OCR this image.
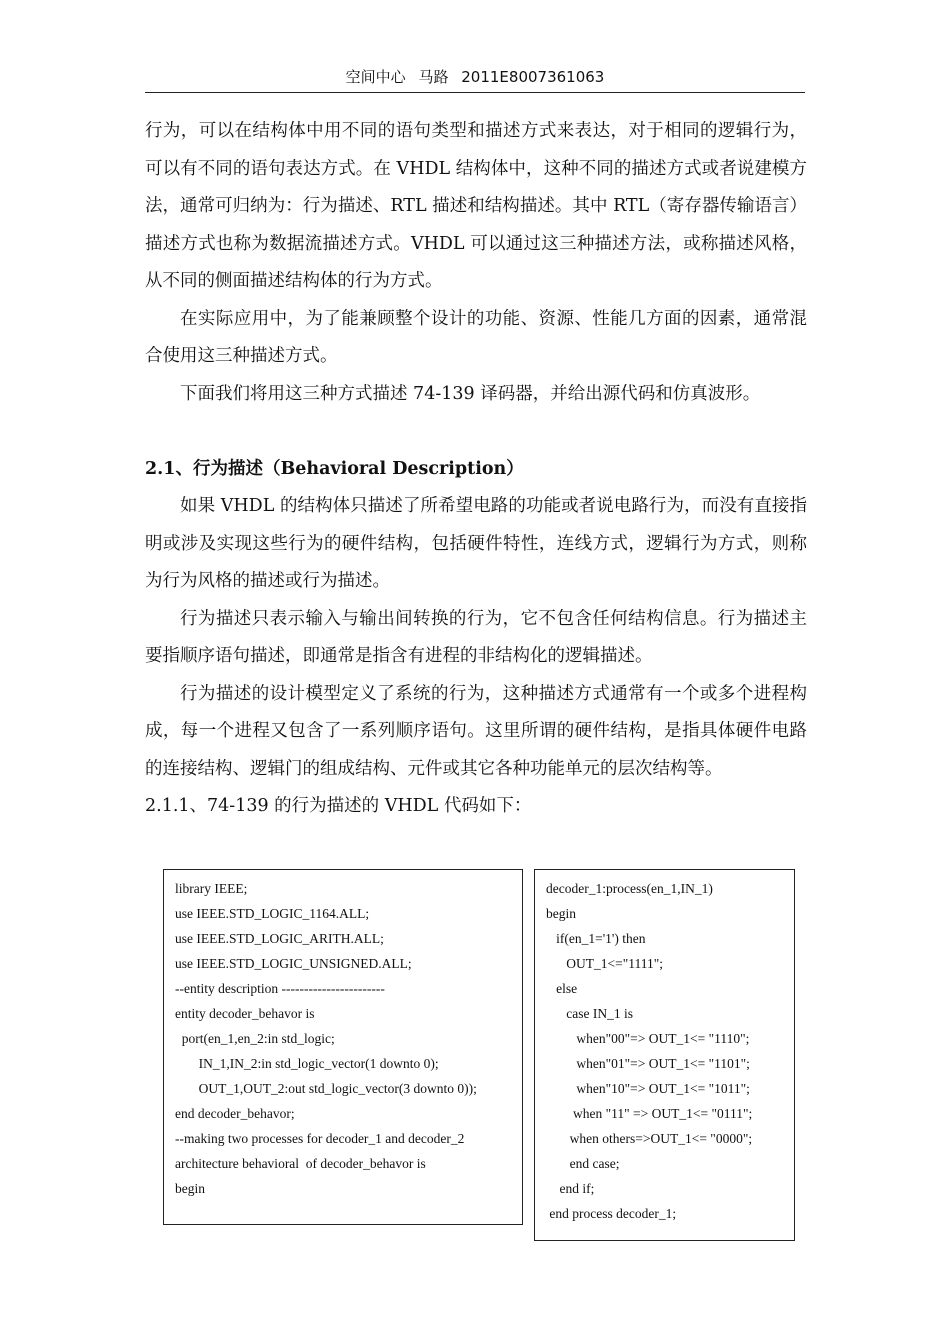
空间中心 马路 2011E8007361063

行为，可以在结构体中用不同的语句类型和描述方式来表达，对于相同的逻辑行为，可以有不同的语句表达方式。在 VHDL 结构体中，这种不同的描述方式或者说建模方法，通常可归纳为：行为描述、RTL 描述和结构描述。其中 RTL（寄存器传输语言）描述方式也称为数据流描述方式。VHDL 可以通过这三种描述方法，或称描述风格，从不同的侧面描述结构体的行为方式。

在实际应用中，为了能兼顾整个设计的功能、资源、性能几方面的因素，通常混合使用这三种描述方式。

下面我们将用这三种方式描述 74-139 译码器，并给出源代码和仿真波形。

2.1、行为描述（Behavioral Description）

如果 VHDL 的结构体只描述了所希望电路的功能或者说电路行为，而没有直接指明或涉及实现这些行为的硬件结构，包括硬件特性，连线方式，逻辑行为方式，则称为行为风格的描述或行为描述。

行为描述只表示输入与输出间转换的行为，它不包含任何结构信息。行为描述主要指顺序语句描述，即通常是指含有进程的非结构化的逻辑描述。

行为描述的设计模型定义了系统的行为，这种描述方式通常有一个或多个进程构成，每一个进程又包含了一系列顺序语句。这里所谓的硬件结构，是指具体硬件电路的连接结构、逻辑门的组成结构、元件或其它各种功能单元的层次结构等。

2.1.1、74-139 的行为描述的 VHDL 代码如下：

library IEEE;
use IEEE.STD_LOGIC_1164.ALL;
use IEEE.STD_LOGIC_ARITH.ALL;
use IEEE.STD_LOGIC_UNSIGNED.ALL;
--entity description -----------------------
entity decoder_behavor is
port(en_1,en_2:in std_logic;
IN_1,IN_2:in std_logic_vector(1 downto 0);
OUT_1,OUT_2:out std_logic_vector(3 downto 0));
end decoder_behavor;
--making two processes for decoder_1 and decoder_2
architecture behavioral  of decoder_behavor is
begin
decoder_1:process(en_1,IN_1)
begin
if(en_1='1') then
OUT_1<="1111";
else
case IN_1 is
when"00"=> OUT_1<= "1110";
when"01"=> OUT_1<= "1101";
when"10"=> OUT_1<= "1011";
when "11" => OUT_1<= "0111";
when others=>OUT_1<= "0000";
end case;
end if;
end process decoder_1;
